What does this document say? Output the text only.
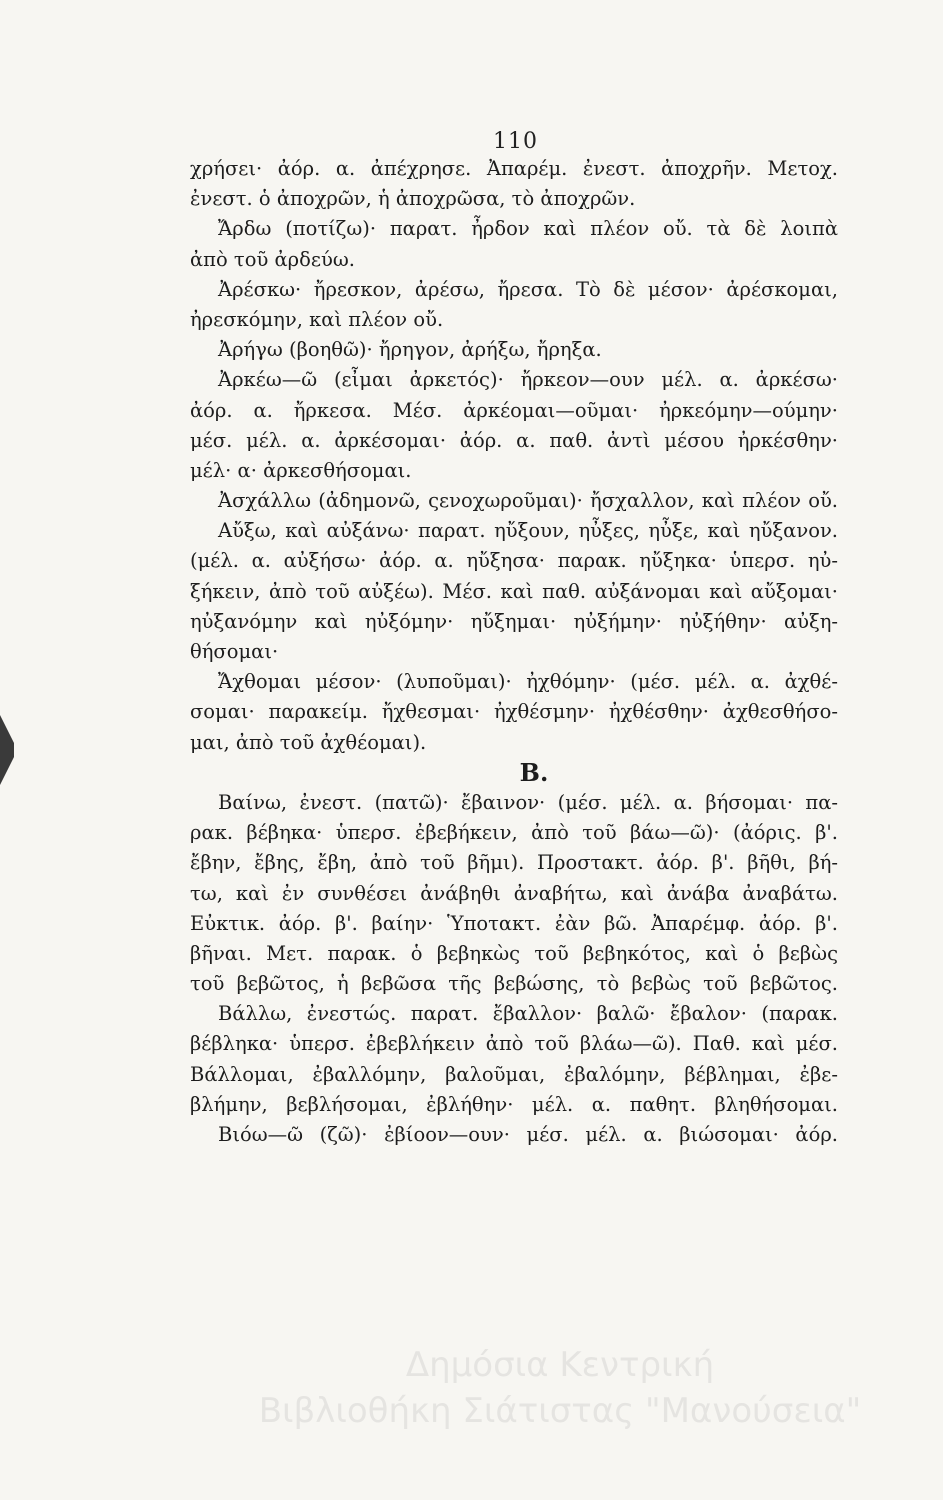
110
χρήσει· ἀόρ. α. ἀπέχρησε. Ἀπαρέμ. ἐνεστ. ἀποχρῆν. Μετοχ.
ἐνεστ. ὁ ἀποχρῶν, ἡ ἀποχρῶσα, τὸ ἀποχρῶν.
Ἄρδω (ποτίζω)· παρατ. ἦρδον καὶ πλέον οὔ. τὰ δὲ λοιπὰ
ἀπὸ τοῦ ἀρδεύω.
Ἀρέσκω· ἤρεσκον, ἀρέσω, ἤρεσα. Τὸ δὲ μέσον· ἀρέσκομαι,
ἠρεσκόμην, καὶ πλέον οὔ.
Ἀρήγω (βοηθῶ)· ἤρηγον, ἀρήξω, ἤρηξα.
Ἀρκέω—ῶ (εἶμαι ἀρκετός)· ἤρκεον—ουν μέλ. α. ἀρκέσω·
ἀόρ. α. ἤρκεσα. Μέσ. ἀρκέομαι—οῦμαι· ἠρκεόμην—ούμην·
μέσ. μέλ. α. ἀρκέσομαι· ἀόρ. α. παθ. ἀντὶ μέσου ἠρκέσθην·
μέλ· α· ἀρκεσθήσομαι.
Ἀσχάλλω (ἀδημονῶ, ςενοχωροῦμαι)· ἤσχαλλον, καὶ πλέον οὔ.
Αὔξω, καὶ αὐξάνω· παρατ. ηὔξουν, ηὖξες, ηὖξε, καὶ ηὔξανον.
(μέλ. α. αὐξήσω· ἀόρ. α. ηὔξησα· παρακ. ηὔξηκα· ὑπερσ. ηὐ-
ξήκειν, ἀπὸ τοῦ αὐξέω). Μέσ. καὶ παθ. αὐξάνομαι καὶ αὔξομαι·
ηὐξανόμην καὶ ηὐξόμην· ηὔξημαι· ηὐξήμην· ηὐξήθην· αὐξη-
θήσομαι·
Ἄχθομαι μέσον· (λυποῦμαι)· ἠχθόμην· (μέσ. μέλ. α. ἀχθέ-
σομαι· παρακείμ. ἤχθεσμαι· ἠχθέσμην· ἠχθέσθην· ἀχθεσθήσο-
μαι, ἀπὸ τοῦ ἀχθέομαι).
Β.
Βαίνω, ἐνεστ. (πατῶ)· ἔβαινον· (μέσ. μέλ. α. βήσομαι· πα-
ρακ. βέβηκα· ὑπερσ. ἐβεβήκειν, ἀπὸ τοῦ βάω—ῶ)· (ἀόρις. β'.
ἔβην, ἔβης, ἔβη, ἀπὸ τοῦ βῆμι). Προστακτ. ἀόρ. β'. βῆθι, βή-
τω, καὶ ἐν συνθέσει ἀνάβηθι ἀναβήτω, καὶ ἀνάβα ἀναβάτω.
Εὐκτικ. ἀόρ. β'. βαίην· Ὑποτακτ. ἐὰν βῶ. Ἀπαρέμφ. ἀόρ. β'.
βῆναι. Μετ. παρακ. ὁ βεβηκὼς τοῦ βεβηκότος, καὶ ὁ βεβὼς
τοῦ βεβῶτος, ἡ βεβῶσα τῆς βεβώσης, τὸ βεβὼς τοῦ βεβῶτος.
Βάλλω, ἐνεστώς. παρατ. ἔβαλλον· βαλῶ· ἔβαλον· (παρακ.
βέβληκα· ὑπερσ. ἐβεβλήκειν ἀπὸ τοῦ βλάω—ῶ). Παθ. καὶ μέσ.
Βάλλομαι, ἐβαλλόμην, βαλοῦμαι, ἐβαλόμην, βέβλημαι, ἐβε-
βλήμην, βεβλήσομαι, ἐβλήθην· μέλ. α. παθητ. βληθήσομαι.
Βιόω—ῶ (ζῶ)· ἐβίοον—ουν· μέσ. μέλ. α. βιώσομαι· ἀόρ.
Δημόσια Κεντρική
Βιβλιοθήκη Σιάτιστας "Μανούσεια"
